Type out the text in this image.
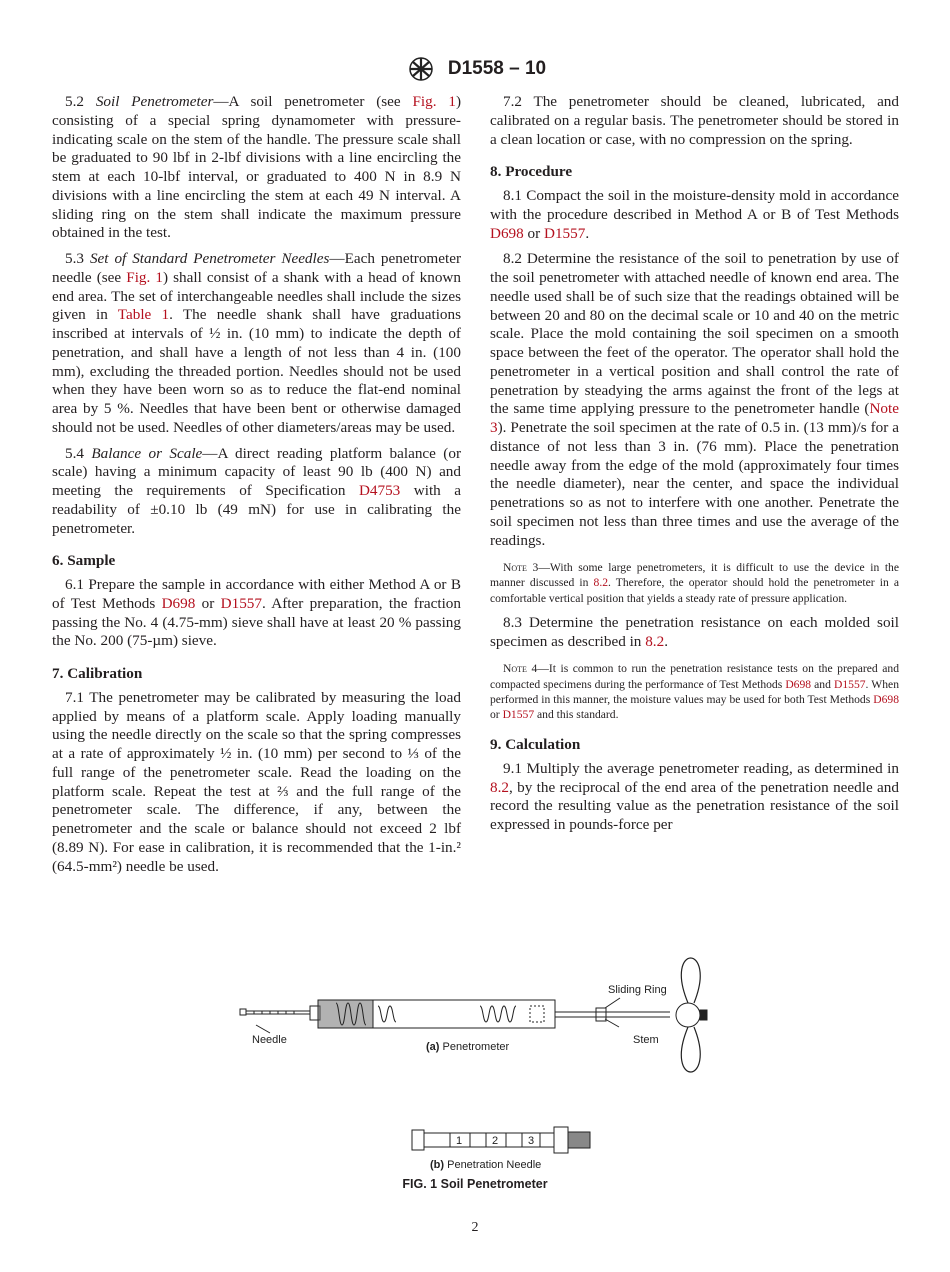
D1558 – 10
5.2 Soil Penetrometer—A soil penetrometer (see Fig. 1) consisting of a special spring dynamometer with pressure-indicating scale on the stem of the handle. The pressure scale shall be graduated to 90 lbf in 2-lbf divisions with a line encircling the stem at each 10-lbf interval, or graduated to 400 N in 8.9 N divisions with a line encircling the stem at each 49 N interval. A sliding ring on the stem shall indicate the maximum pressure obtained in the test.
5.3 Set of Standard Penetrometer Needles—Each penetrometer needle (see Fig. 1) shall consist of a shank with a head of known end area. The set of interchangeable needles shall include the sizes given in Table 1. The needle shank shall have graduations inscribed at intervals of ½ in. (10 mm) to indicate the depth of penetration, and shall have a length of not less than 4 in. (100 mm), excluding the threaded portion. Needles should not be used when they have been worn so as to reduce the flat-end nominal area by 5 %. Needles that have been bent or otherwise damaged should not be used. Needles of other diameters/areas may be used.
5.4 Balance or Scale—A direct reading platform balance (or scale) having a minimum capacity of least 90 lb (400 N) and meeting the requirements of Specification D4753 with a readability of ±0.10 lb (49 mN) for use in calibrating the penetrometer.
6. Sample
6.1 Prepare the sample in accordance with either Method A or B of Test Methods D698 or D1557. After preparation, the fraction passing the No. 4 (4.75-mm) sieve shall have at least 20 % passing the No. 200 (75-µm) sieve.
7. Calibration
7.1 The penetrometer may be calibrated by measuring the load applied by means of a platform scale. Apply loading manually using the needle directly on the scale so that the spring compresses at a rate of approximately ½ in. (10 mm) per second to ⅓ of the full range of the penetrometer scale. Read the loading on the platform scale. Repeat the test at ⅔ and the full range of the penetrometer scale. The difference, if any, between the penetrometer and the scale or balance should not exceed 2 lbf (8.89 N). For ease in calibration, it is recommended that the 1-in.² (64.5-mm²) needle be used.
7.2 The penetrometer should be cleaned, lubricated, and calibrated on a regular basis. The penetrometer should be stored in a clean location or case, with no compression on the spring.
8. Procedure
8.1 Compact the soil in the moisture-density mold in accordance with the procedure described in Method A or B of Test Methods D698 or D1557.
8.2 Determine the resistance of the soil to penetration by use of the soil penetrometer with attached needle of known end area. The needle used shall be of such size that the readings obtained will be between 20 and 80 on the decimal scale or 10 and 40 on the metric scale. Place the mold containing the soil specimen on a smooth space between the feet of the operator. The operator shall hold the penetrometer in a vertical position and shall control the rate of penetration by steadying the arms against the front of the legs at the same time applying pressure to the penetrometer handle (Note 3). Penetrate the soil specimen at the rate of 0.5 in. (13 mm)/s for a distance of not less than 3 in. (76 mm). Place the penetration needle away from the edge of the mold (approximately four times the needle diameter), near the center, and space the individual penetrations so as not to interfere with one another. Penetrate the soil specimen not less than three times and use the average of the readings.
Note 3—With some large penetrometers, it is difficult to use the device in the manner discussed in 8.2. Therefore, the operator should hold the penetrometer in a comfortable vertical position that yields a steady rate of pressure application.
8.3 Determine the penetration resistance on each molded soil specimen as described in 8.2.
Note 4—It is common to run the penetration resistance tests on the prepared and compacted specimens during the performance of Test Methods D698 and D1557. When performed in this manner, the moisture values may be used for both Test Methods D698 or D1557 and this standard.
9. Calculation
9.1 Multiply the average penetrometer reading, as determined in 8.2, by the reciprocal of the end area of the penetration needle and record the resulting value as the penetration resistance of the soil expressed in pounds-force per
Needle
Sliding Ring
Stem
(a) Penetrometer
1	2	3
(b) Penetration Needle
FIG. 1 Soil Penetrometer
2
